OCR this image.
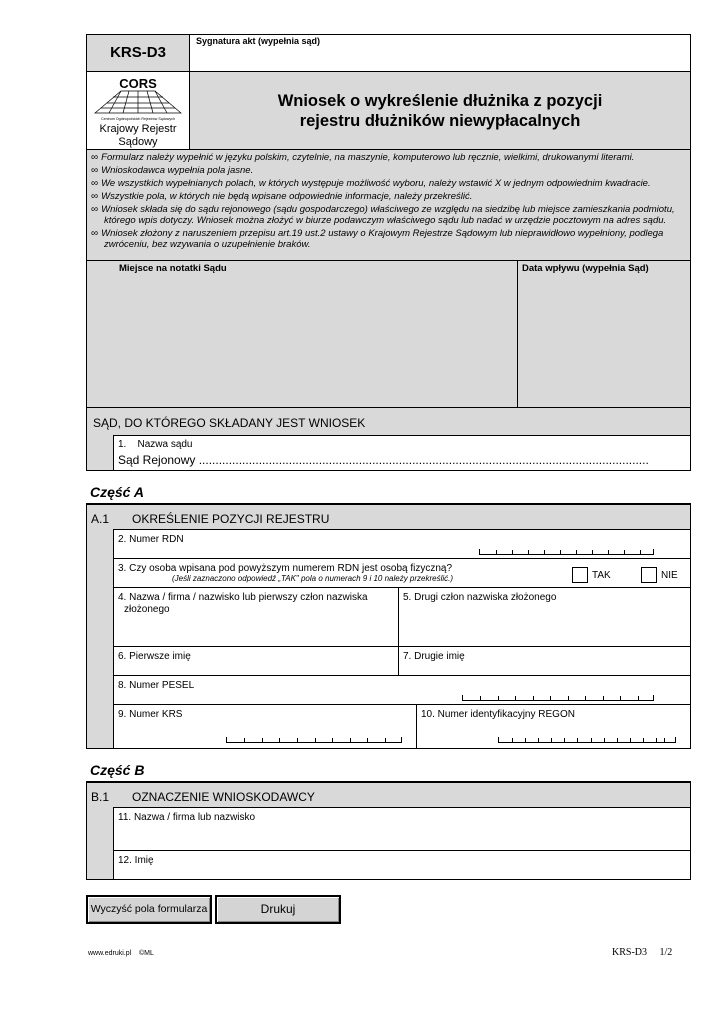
KRS-D3
Sygnatura akt (wypełnia sąd)
CORS
Centrum Ogólnopolskich Rejestrów Sądowych
Krajowy Rejestr
Sądowy
Wniosek o wykreślenie dłużnika z pozycji
rejestru dłużników niewypłacalnych
∞ Formularz należy wypełnić w języku polskim, czytelnie, na maszynie, komputerowo lub ręcznie, wielkimi, drukowanymi literami.
∞ Wnioskodawca wypełnia pola jasne.
∞ We wszystkich wypełnianych polach, w których występuje możliwość wyboru, należy wstawić X w jednym odpowiednim kwadracie.
∞ Wszystkie pola, w których nie będą wpisane odpowiednie informacje, należy przekreślić.
∞ Wniosek składa się do sądu rejonowego (sądu gospodarczego) właściwego ze względu na siedzibę lub miejsce zamieszkania podmiotu, którego wpis dotyczy. Wniosek można złożyć w biurze podawczym właściwego sądu lub nadać w urzędzie pocztowym na adres sądu.
∞ Wniosek złożony z naruszeniem przepisu art.19 ust.2 ustawy o Krajowym Rejestrze Sądowym lub nieprawidłowo wypełniony, podlega zwróceniu, bez wzywania o uzupełnienie braków.
Miejsce na notatki Sądu	Data wpływu (wypełnia Sąd)
SĄD, DO KTÓREGO SKŁADANY JEST WNIOSEK
1. Nazwa sądu
Sąd Rejonowy .......................................................................................................................................
Część A
A.1 OKREŚLENIE POZYCJI REJESTRU
2. Numer RDN
3. Czy osoba wpisana pod powyższym numerem RDN jest osobą fizyczną?
(Jeśli zaznaczono odpowiedź „TAK" pola o numerach 9 i 10 należy przekreślić.)	TAK	NIE
4. Nazwa / firma / nazwisko lub pierwszy człon nazwiska
złożonego
5. Drugi człon nazwiska złożonego
6. Pierwsze imię	7. Drugie imię
8. Numer PESEL
9. Numer KRS	10. Numer identyfikacyjny REGON
Część B
B.1 OZNACZENIE WNIOSKODAWCY
11. Nazwa / firma lub nazwisko
12. Imię
Wyczyść pola formularza	Drukuj
www.edruki.pl    ©ML	KRS-D3     1/2
